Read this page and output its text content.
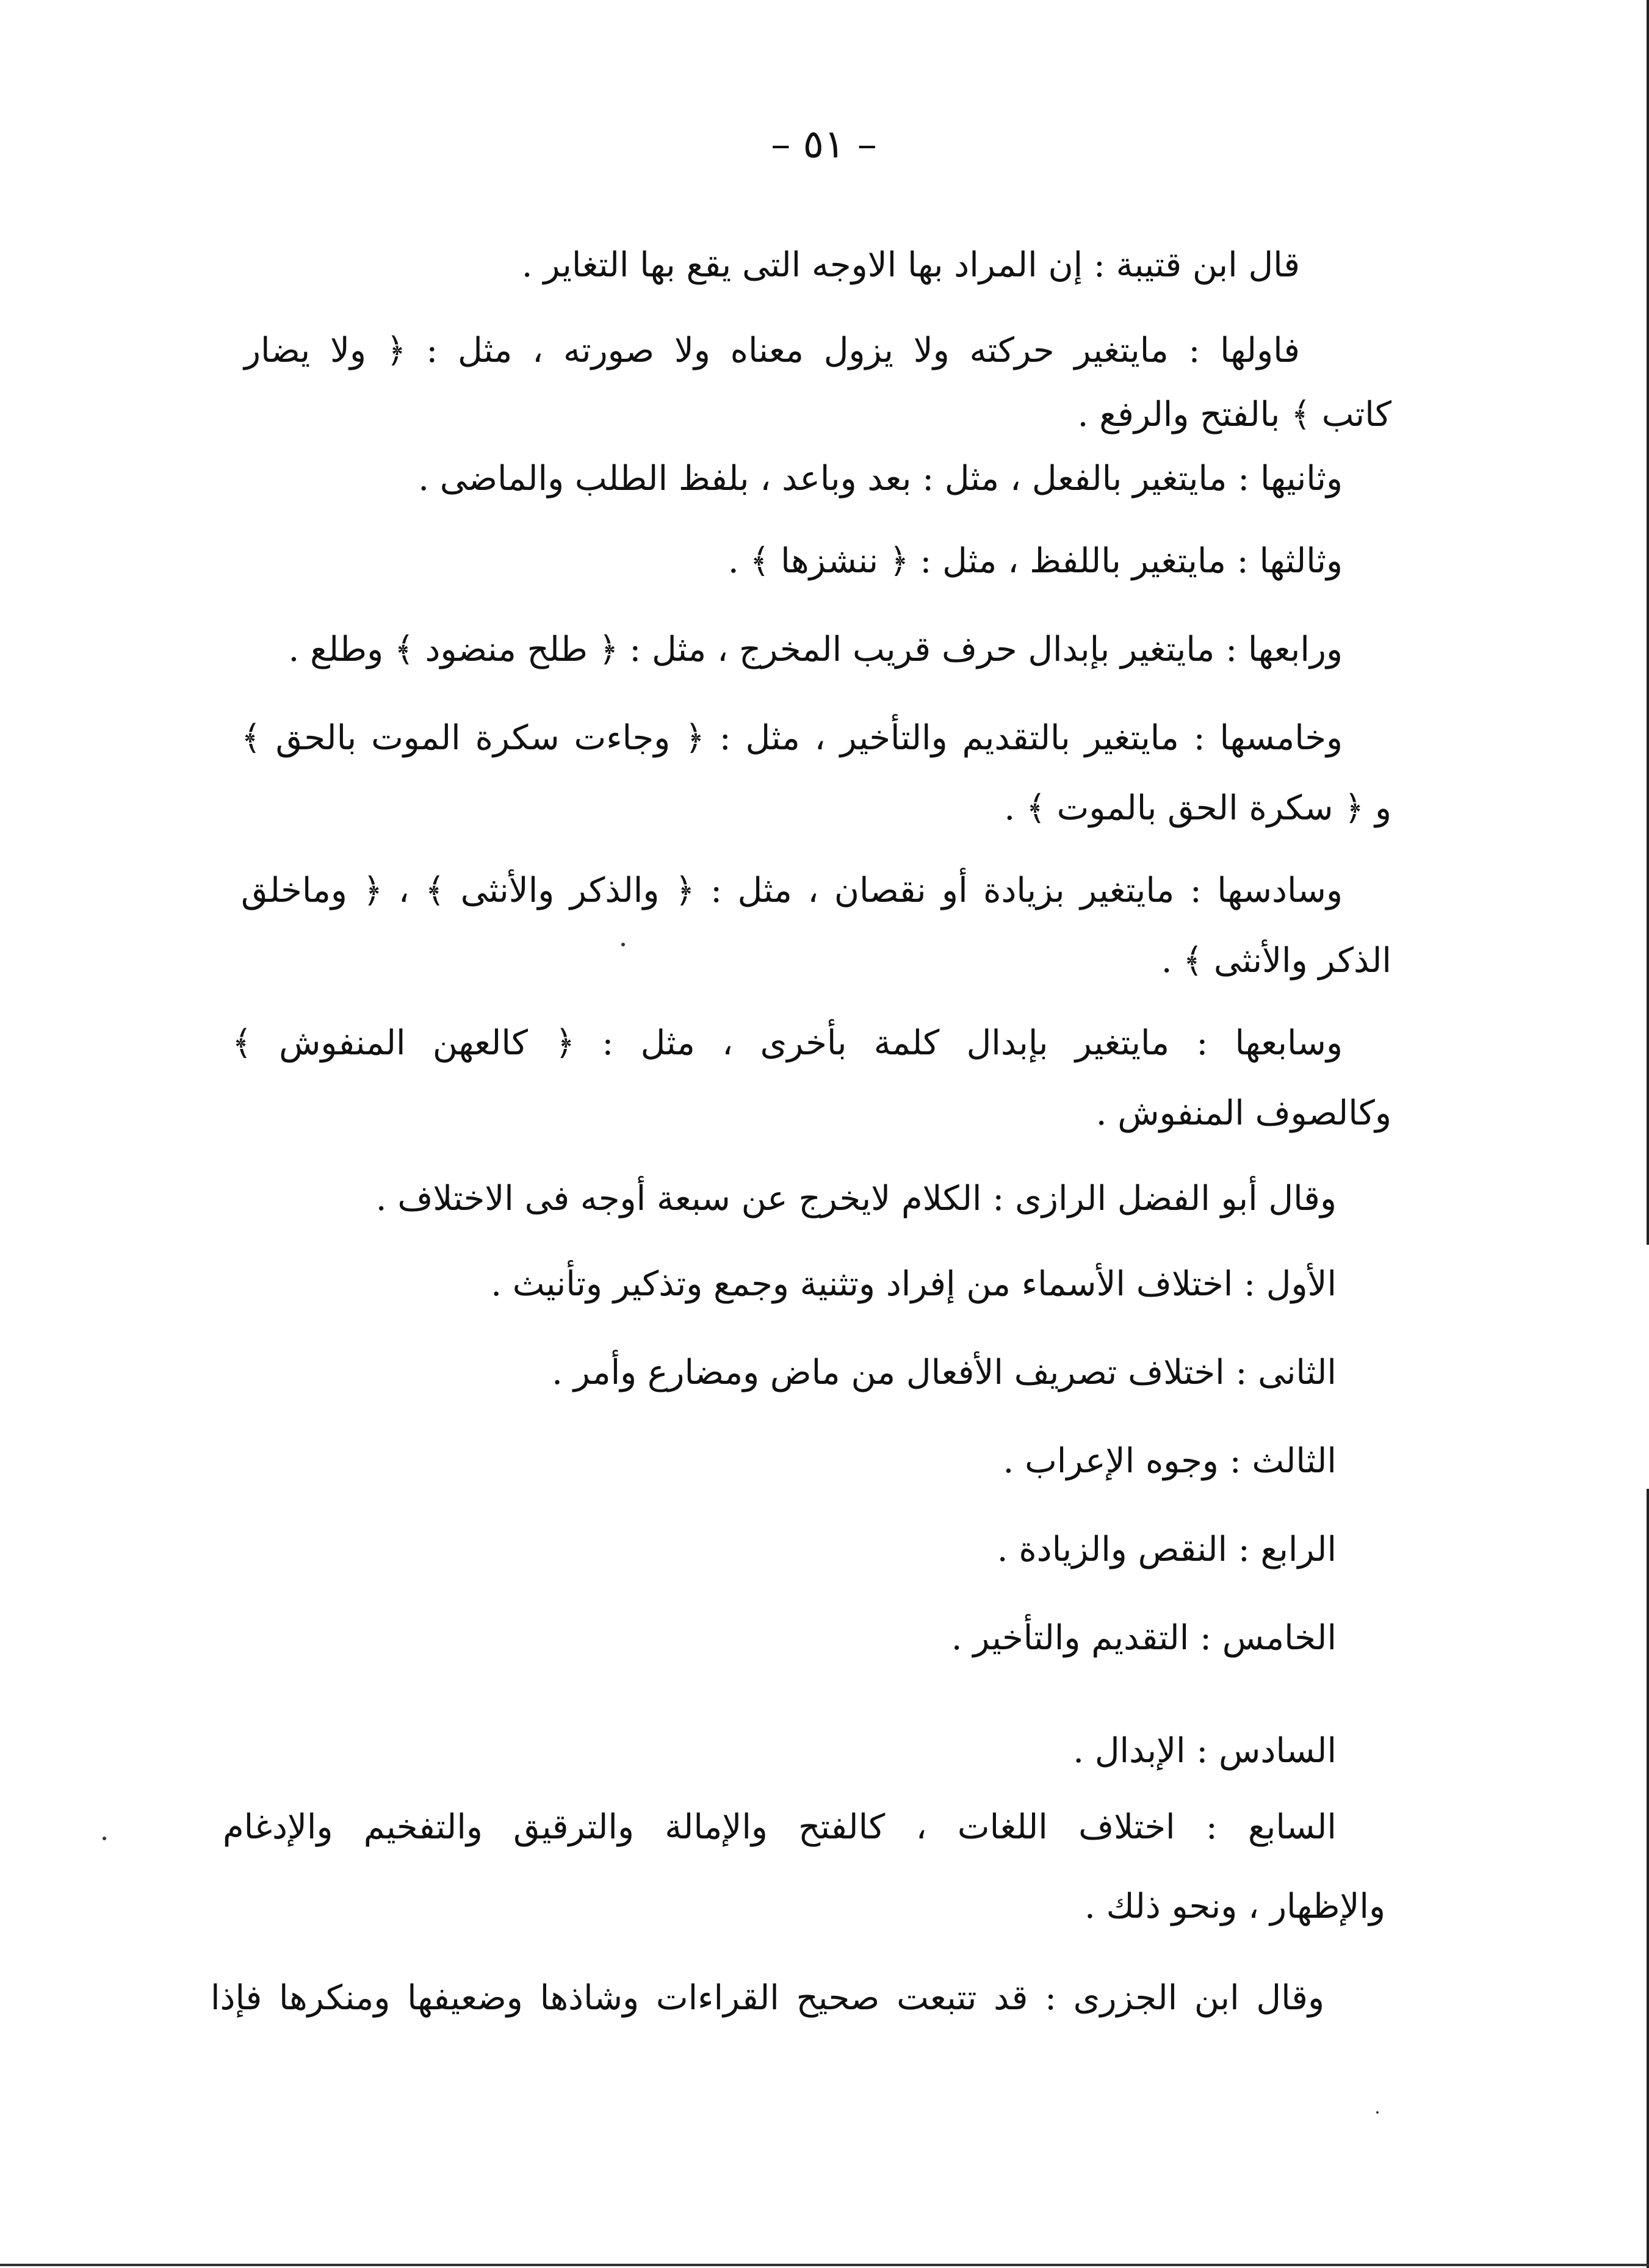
– ٥١ –
قال ابن قتيبة : إن المراد بها الاوجه التى يقع بها التغاير .
فاولها : مايتغير حركته ولا يزول معناه ولا صورته ، مثل : ﴿ ولا يضار
كاتب ﴾ بالفتح والرفع .
وثانيها : مايتغير بالفعل ، مثل : بعد وباعد ، بلفظ الطلب والماضى .
وثالثها : مايتغير باللفظ ، مثل : ﴿ ننشزها ﴾ .
ورابعها : مايتغير بإبدال حرف قريب المخرج ، مثل : ﴿ طلح منضود ﴾ وطلع .
وخامسها : مايتغير بالتقديم والتأخير ، مثل : ﴿ وجاءت سكرة الموت بالحق ﴾
و ﴿ سكرة الحق بالموت ﴾ .
وسادسها : مايتغير بزيادة أو نقصان ، مثل : ﴿ والذكر والأنثى ﴾ ، ﴿ وماخلق
الذكر والأنثى ﴾ .
وسابعها : مايتغير بإبدال كلمة بأخرى ، مثل : ﴿ كالعهن المنفوش ﴾
وكالصوف المنفوش .
وقال أبو الفضل الرازى : الكلام لايخرج عن سبعة أوجه فى الاختلاف .
الأول : اختلاف الأسماء من إفراد وتثنية وجمع وتذكير وتأنيث .
الثانى : اختلاف تصريف الأفعال من ماض ومضارع وأمر .
الثالث : وجوه الإعراب .
الرابع : النقص والزيادة .
الخامس : التقديم والتأخير .
السادس : الإبدال .
السابع : اختلاف اللغات ، كالفتح والإمالة والترقيق والتفخيم والإدغام
والإظهار ، ونحو ذلك .
وقال ابن الجزرى : قد تتبعت صحيح القراءات وشاذها وضعيفها ومنكرها فإذا
